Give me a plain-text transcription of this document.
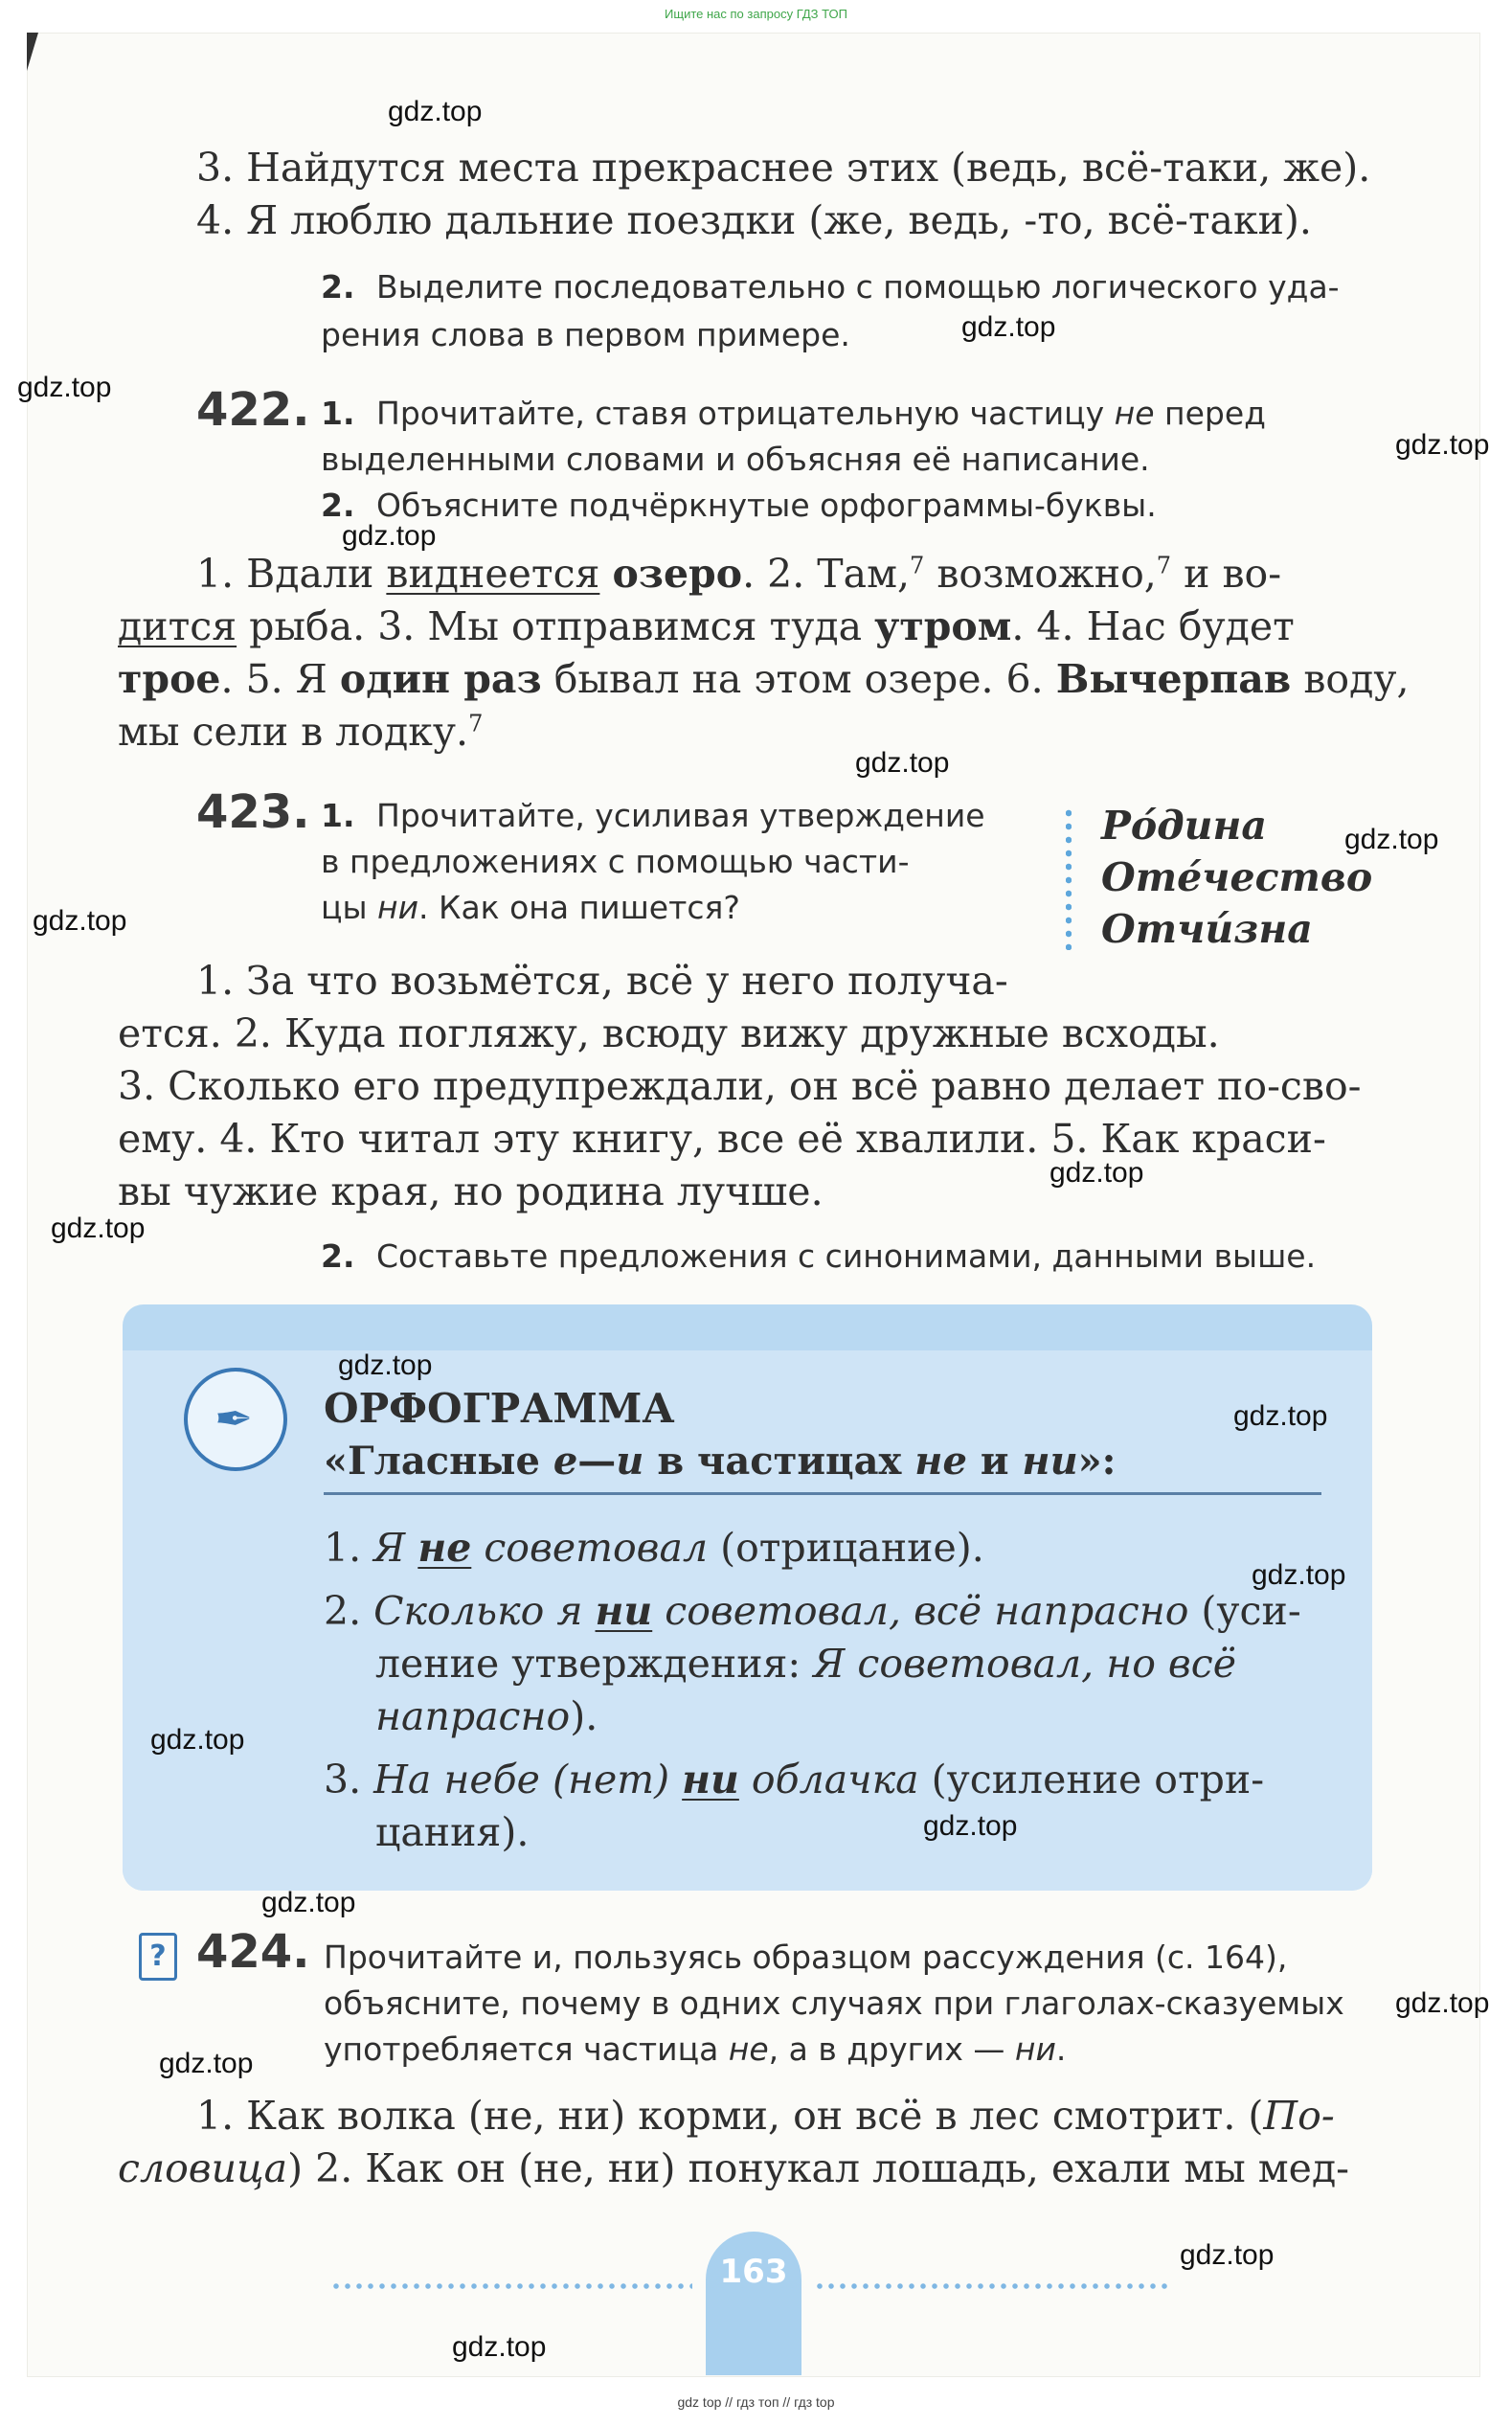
Ищите нас по запросу ГДЗ ТОП
3. Найдутся места прекраснее этих (ведь, всё-таки, же).
4. Я люблю дальние поездки (же, ведь, -то, всё-таки).
2. Выделите последовательно с помощью логического уда-
рения слова в первом примере.
422. 1. Прочитайте, ставя отрицательную частицу не перед
выделенными словами и объясняя её написание.
2. Объясните подчёркнутые орфограммы-буквы.
1. Вдали виднеется озеро. 2. Там,$^7$ возможно,$^7$ и во-
дится рыба. 3. Мы отправимся туда утром. 4. Нас будет
трое. 5. Я один раз бывал на этом озере. 6. Вычерпав воду,
мы сели в лодку.$^7$
423. 1. Прочитайте, усиливая утверждение
в предложениях с помощью части-
цы ни. Как она пишется?
Ро́дина
Оте́чество
Отчи́зна
1. За что возьмётся, всё у него получа-
ется. 2. Куда погляжу, всюду вижу дружные всходы.
3. Сколько его предупреждали, он всё равно делает по-сво-
ему. 4. Кто читал эту книгу, все её хвалили. 5. Как краси-
вы чужие края, но родина лучше.
2. Составьте предложения с синонимами, данными выше.
✒ ОРФОГРАММА
«Гласные е—и в частицах не и ни»:
1. Я не советовал (отрицание).
2. Сколько я ни советовал, всё напрасно (уси-
ление утверждения: Я советовал, но всё
напрасно).
3. На небе (нет) ни облачка (усиление отри-
цания).
? 424. Прочитайте и, пользуясь образцом рассуждения (с. 164),
объясните, почему в одних случаях при глаголах-сказуемых
употребляется частица не, а в других — ни.
1. Как волка (не, ни) корми, он всё в лес смотрит. (По-
словица) 2. Как он (не, ни) понукал лошадь, ехали мы мед-
163
gdz.top
gdz.top
gdz.top
gdz.top
gdz.top
gdz.top
gdz.top
gdz.top
gdz.top
gdz.top
gdz.top
gdz.top
gdz.top
gdz.top
gdz.top
gdz.top
gdz.top
gdz.top
gdz.top
gdz.top
gdz top // гдз топ // гдз top
